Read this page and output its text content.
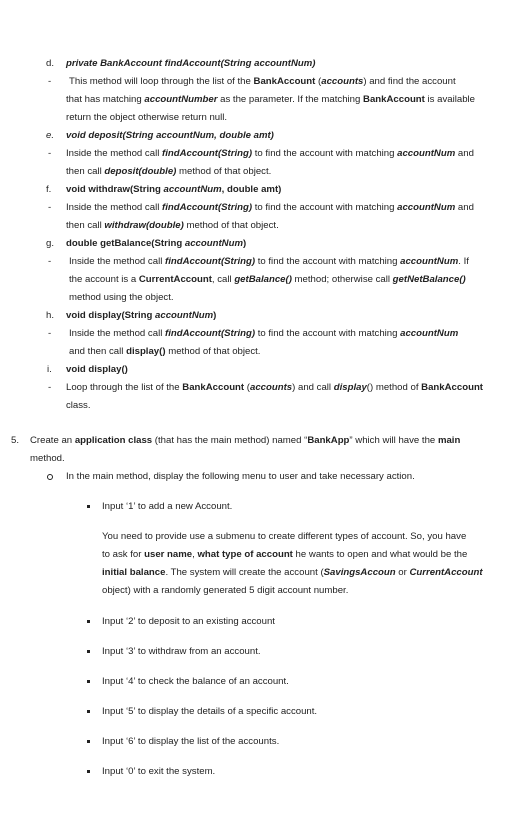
d. private BankAccount findAccount(String accountNum)
- This method will loop through the list of the BankAccount (accounts) and find the account
that has matching accountNumber as the parameter. If the matching BankAccount is available
return the object otherwise return null.
e. void deposit(String accountNum, double amt)
- Inside the method call findAccount(String) to find the account with matching accountNum and
then call deposit(double) method of that object.
f. void withdraw(String accountNum, double amt)
- Inside the method call findAccount(String) to find the account with matching accountNum and
then call withdraw(double) method of that object.
g. double getBalance(String accountNum)
- Inside the method call findAccount(String) to find the account with matching accountNum. If
the account is a CurrentAccount, call getBalance() method; otherwise call getNetBalance()
method using the object.
h. void display(String accountNum)
- Inside the method call findAccount(String) to find the account with matching accountNum
and then call display() method of that object.
i. void display()
- Loop through the list of the BankAccount (accounts) and call display() method of BankAccount
class.
5. Create an application class (that has the main method) named “BankApp” which will have the main
method.
In the main method, display the following menu to user and take necessary action.
Input ‘1’ to add a new Account.
You need to provide use a submenu to create different types of account. So, you have
to ask for user name, what type of account he wants to open and what would be the
initial balance. The system will create the account (SavingsAccoun or CurrentAccount
object) with a randomly generated 5 digit account number.
Input ‘2’ to deposit to an existing account
Input ‘3’ to withdraw from an account.
Input ‘4’ to check the balance of an account.
Input ‘5’ to display the details of a specific account.
Input ‘6’ to display the list of the accounts.
Input ‘0’ to exit the system.
